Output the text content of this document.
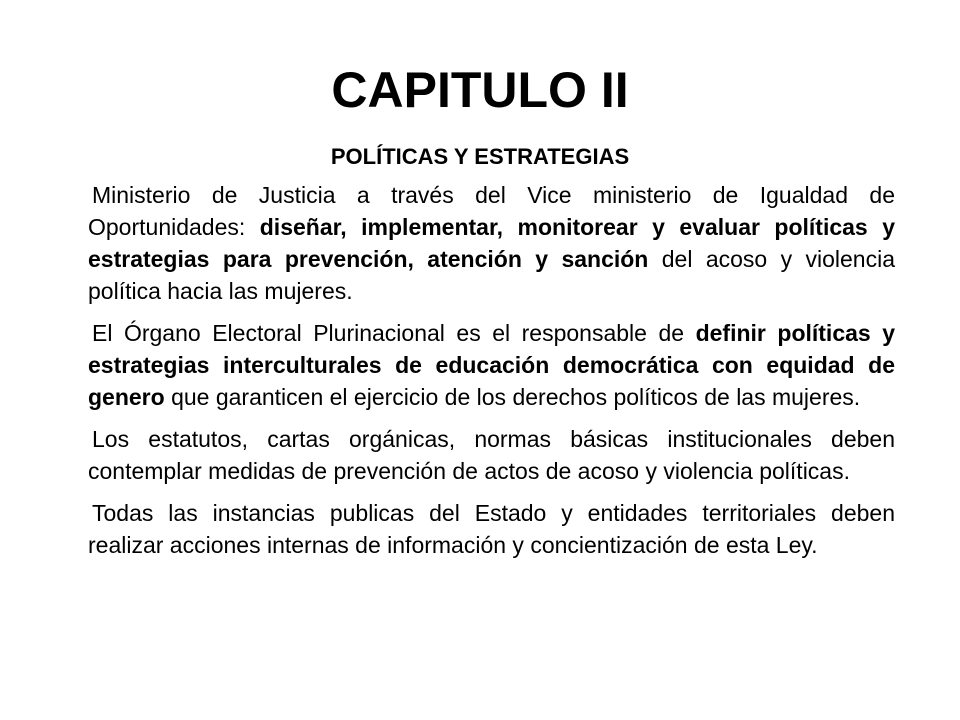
CAPITULO II
POLÍTICAS Y ESTRATEGIAS

Ministerio de Justicia a través del Vice ministerio de Igualdad de Oportunidades: diseñar, implementar, monitorear y evaluar políticas y estrategias para prevención, atención y sanción del acoso y violencia política hacia las mujeres.

El Órgano Electoral Plurinacional es el responsable de definir políticas y estrategias interculturales de educación democrática con equidad de genero que garanticen el ejercicio de los derechos políticos de las mujeres.

Los estatutos, cartas orgánicas, normas básicas institucionales deben contemplar medidas de prevención de actos de acoso y violencia políticas.

Todas las instancias publicas del Estado y entidades territoriales deben realizar acciones internas de información y concientización de esta Ley.
